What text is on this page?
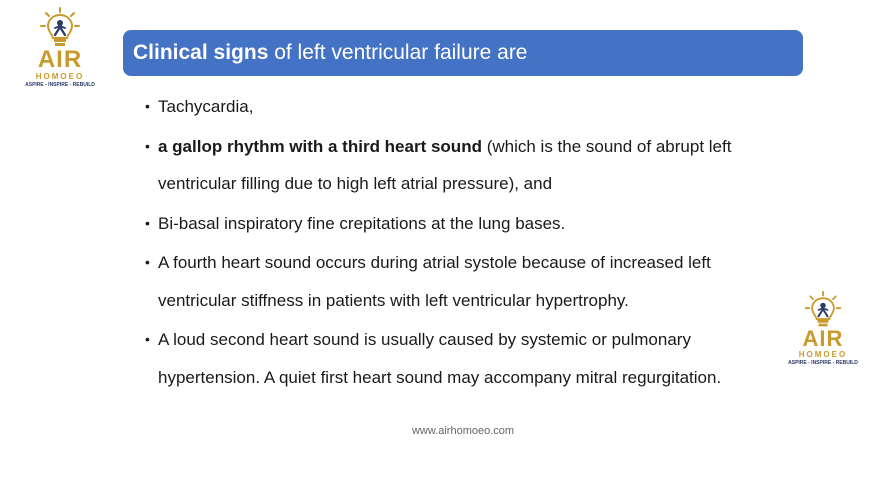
AIR
HOMOEO
ASPIRE - INSPIRE - REBUILD
Clinical signs of left ventricular failure are
• Tachycardia,
• a gallop rhythm with a third heart sound (which is the sound of abrupt left ventricular filling due to high left atrial pressure), and
• Bi-basal inspiratory fine crepitations at the lung bases.
• A fourth heart sound occurs during atrial systole because of increased left ventricular stiffness in patients with left ventricular hypertrophy.
• A loud second heart sound is usually caused by systemic or pulmonary hypertension. A quiet first heart sound may accompany mitral regurgitation.
AIR
HOMOEO
ASPIRE - INSPIRE - REBUILD
www.airhomoeo.com
